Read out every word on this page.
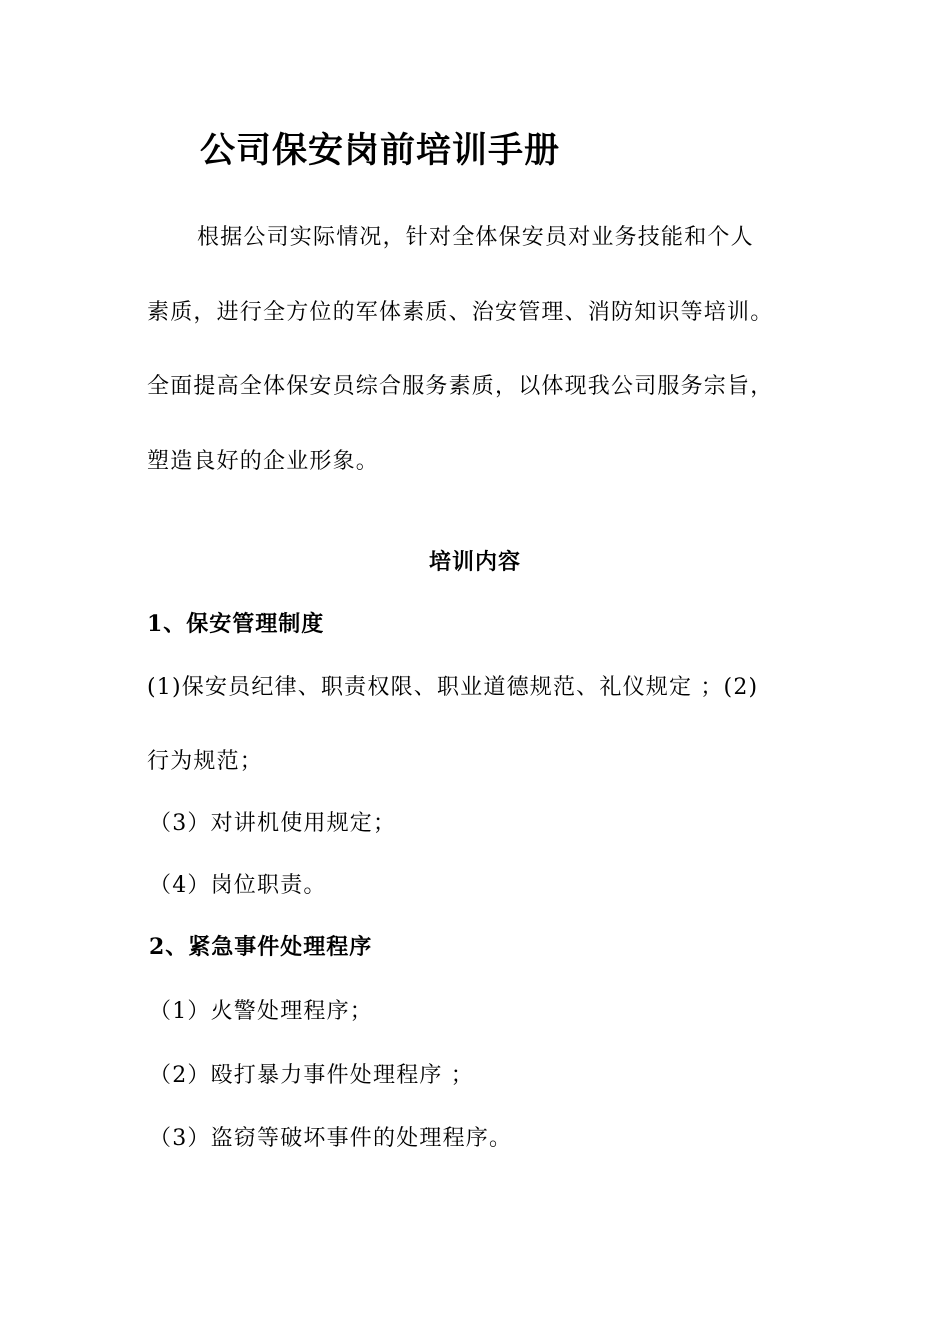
公司保安岗前培训手册
根据公司实际情况，针对全体保安员对业务技能和个人
素质，进行全方位的军体素质、治安管理、消防知识等培训。
全面提高全体保安员综合服务素质，以体现我公司服务宗旨，
塑造良好的企业形象。
培训内容
1、保安管理制度
(1)保安员纪律、职责权限、职业道德规范、礼仪规定 ；(2)
行为规范；
（3）对讲机使用规定；
（4）岗位职责。
2、紧急事件处理程序
（1）火警处理程序；
（2）殴打暴力事件处理程序 ；
（3）盗窃等破坏事件的处理程序。
